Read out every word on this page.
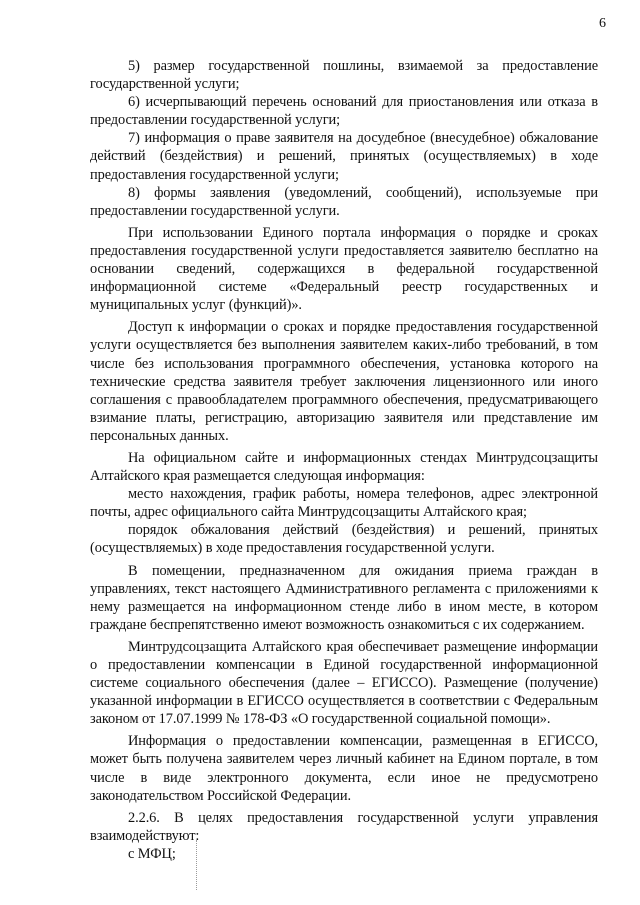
6

5) размер государственной пошлины, взимаемой за предоставление государственной услуги;

6) исчерпывающий перечень оснований для приостановления или отказа в предоставлении государственной услуги;

7) информация о праве заявителя на досудебное (внесудебное) обжалование действий (бездействия) и решений, принятых (осуществляемых) в ходе предоставления государственной услуги;

8) формы заявления (уведомлений, сообщений), используемые при предоставлении государственной услуги.

При использовании Единого портала информация о порядке и сроках предоставления государственной услуги предоставляется заявителю бесплатно на основании сведений, содержащихся в федеральной государственной информационной системе «Федеральный реестр государственных и муниципальных услуг (функций)».

Доступ к информации о сроках и порядке предоставления государственной услуги осуществляется без выполнения заявителем каких-либо требований, в том числе без использования программного обеспечения, установка которого на технические средства заявителя требует заключения лицензионного или иного соглашения с правообладателем программного обеспечения, предусматривающего взимание платы, регистрацию, авторизацию заявителя или представление им персональных данных.

На официальном сайте и информационных стендах Минтрудсоцзащиты Алтайского края размещается следующая информация:

место нахождения, график работы, номера телефонов, адрес электронной почты, адрес официального сайта Минтрудсоцзащиты Алтайского края;

порядок обжалования действий (бездействия) и решений, принятых (осуществляемых) в ходе предоставления государственной услуги.

В помещении, предназначенном для ожидания приема граждан в управлениях, текст настоящего Административного регламента с приложениями к нему размещается на информационном стенде либо в ином месте, в котором граждане беспрепятственно имеют возможность ознакомиться с их содержанием.

Минтрудсоцзащита Алтайского края обеспечивает размещение информации о предоставлении компенсации в Единой государственной информационной системе социального обеспечения (далее – ЕГИССО). Размещение (получение) указанной информации в ЕГИССО осуществляется в соответствии с Федеральным законом от 17.07.1999 № 178-ФЗ «О государственной социальной помощи».

Информация о предоставлении компенсации, размещенная в ЕГИССО, может быть получена заявителем через личный кабинет на Едином портале, в том числе в виде электронного документа, если иное не предусмотрено законодательством Российской Федерации.

2.2.6. В целях предоставления государственной услуги управления взаимодействуют:

с МФЦ;
